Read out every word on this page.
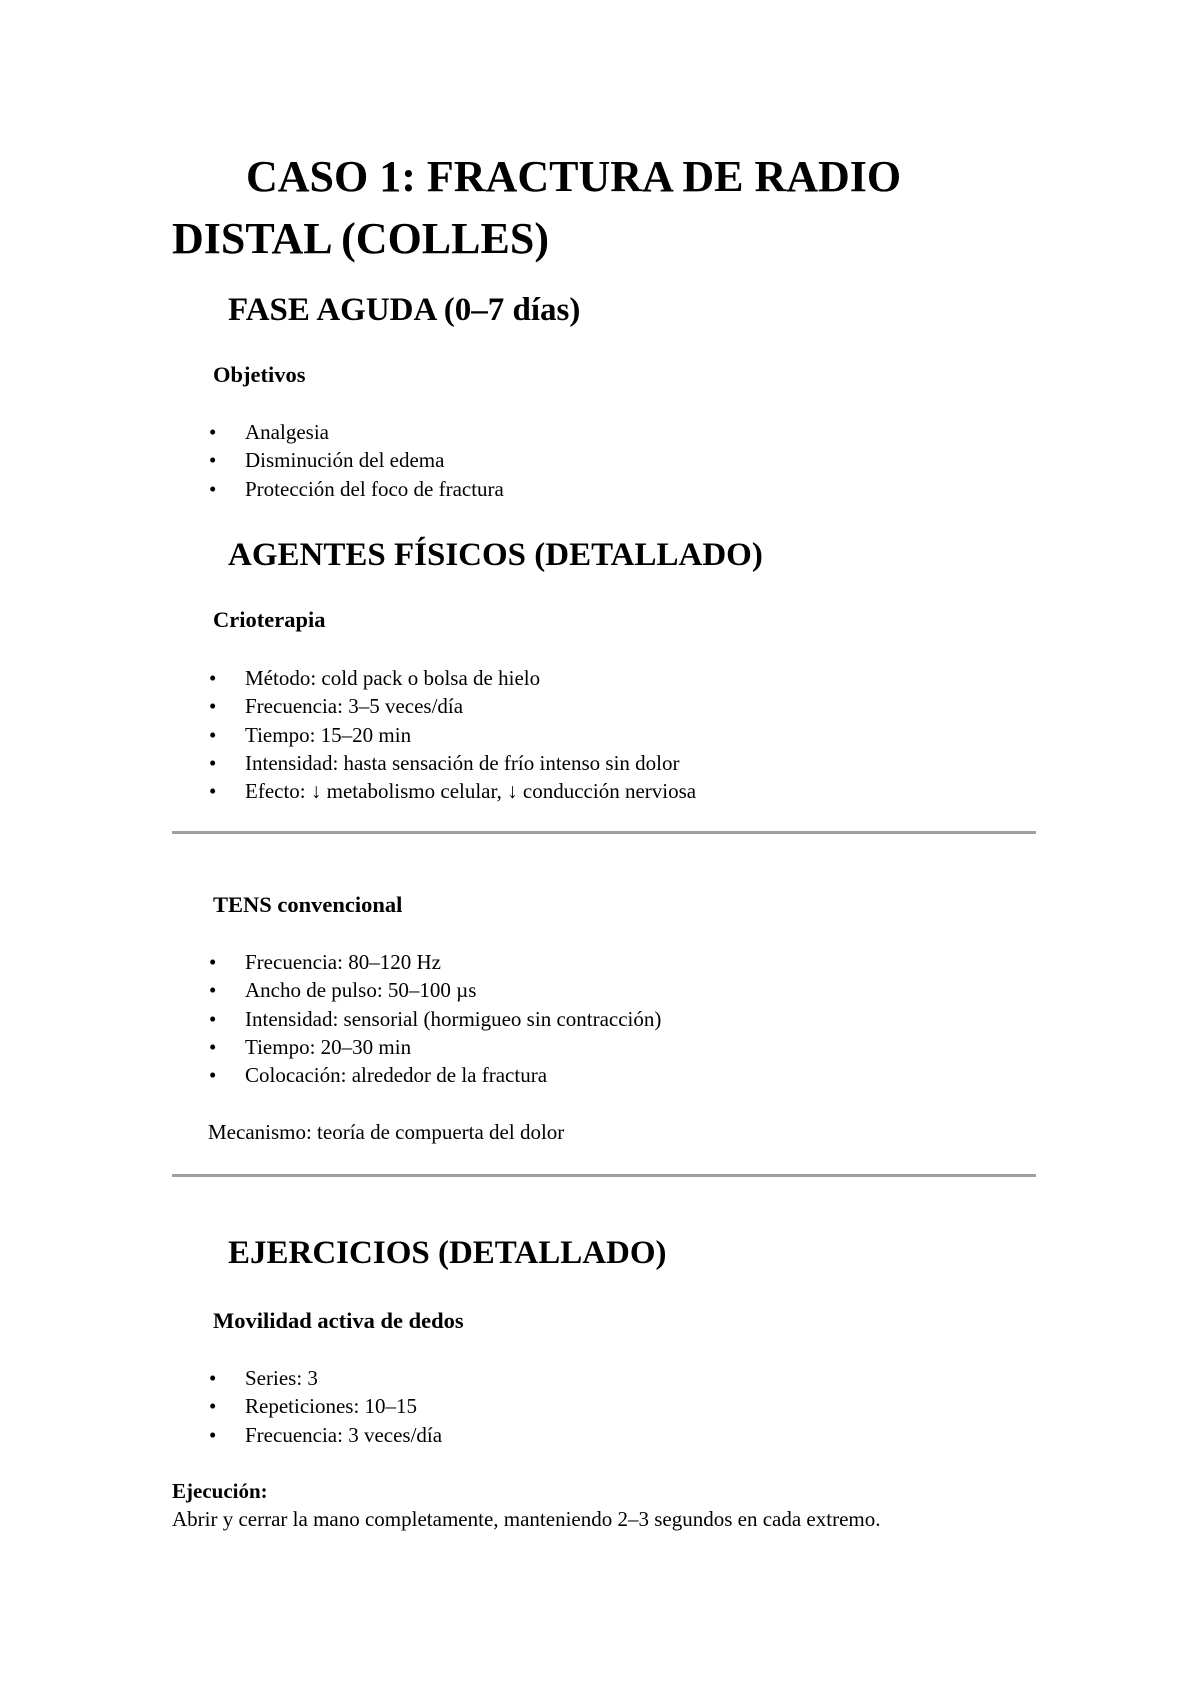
CASO 1: FRACTURA DE RADIO DISTAL (COLLES)
FASE AGUDA (0–7 días)
Objetivos
• Analgesia
• Disminución del edema
• Protección del foco de fractura
AGENTES FÍSICOS (DETALLADO)
Crioterapia
• Método: cold pack o bolsa de hielo
• Frecuencia: 3–5 veces/día
• Tiempo: 15–20 min
• Intensidad: hasta sensación de frío intenso sin dolor
• Efecto: ↓ metabolismo celular, ↓ conducción nerviosa
TENS convencional
• Frecuencia: 80–120 Hz
• Ancho de pulso: 50–100 µs
• Intensidad: sensorial (hormigueo sin contracción)
• Tiempo: 20–30 min
• Colocación: alrededor de la fractura

Mecanismo: teoría de compuerta del dolor

EJERCICIOS (DETALLADO)
Movilidad activa de dedos
• Series: 3
• Repeticiones: 10–15
• Frecuencia: 3 veces/día

Ejecución:

Abrir y cerrar la mano completamente, manteniendo 2–3 segundos en cada extremo.
